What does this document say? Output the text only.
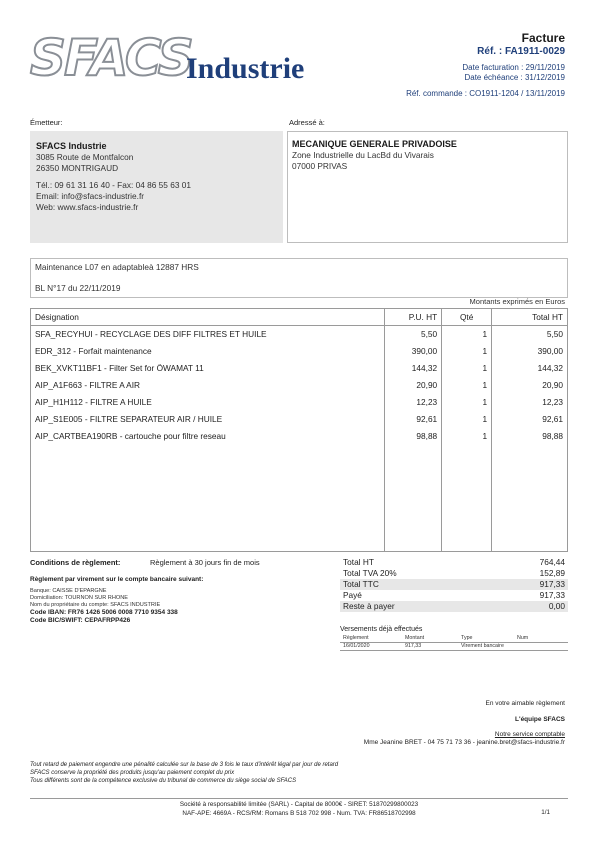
SFACS
Industrie
Facture
Réf. : FA1911-0029
Date facturation : 29/11/2019
Date échéance : 31/12/2019
Réf. commande : CO1911-1204 / 13/11/2019
Émetteur:	Adressé à:
SFACS Industrie
3085 Route de Montfalcon
26350 MONTRIGAUD
Tél.: 09 61 31 16 40 - Fax: 04 86 55 63 01
Email: info@sfacs-industrie.fr
Web: www.sfacs-industrie.fr
MECANIQUE GENERALE PRIVADOISE
Zone Industrielle du LacBd du Vivarais
07000 PRIVAS
Maintenance L07 en adaptableà 12887 HRS
BL N°17 du 22/11/2019
Montants exprimés en Euros
Désignation	P.U. HT	Qté	Total HT
SFA_RECYHUI - RECYCLAGE DES DIFF FILTRES ET HUILE	5,50	1	5,50
EDR_312 - Forfait maintenance	390,00	1	390,00
BEK_XVKT11BF1 - Filter Set for ÖWAMAT 11	144,32	1	144,32
AIP_A1F663 - FILTRE A AIR	20,90	1	20,90
AIP_H1H112 - FILTRE A HUILE	12,23	1	12,23
AIP_S1E005 - FILTRE SEPARATEUR AIR / HUILE	92,61	1	92,61
AIP_CARTBEA190RB - cartouche pour filtre reseau	98,88	1	98,88

Conditions de règlement:	Règlement à 30 jours fin de mois
Règlement par virement sur le compte bancaire suivant:
Banque: CAISSE D'EPARGNE
Domiciliation: TOURNON SUR RHONE
Nom du propriétaire du compte: SFACS INDUSTRIE
Code IBAN: FR76 1426 5006 0008 7710 9354 338
Code BIC/SWIFT: CEPAFRPP426
Total HT	764,44
Total TVA 20%	152,89
Total TTC	917,33
Payé	917,33
Reste à payer	0,00
Versements déjà effectués
Règlement	Montant	Type	Num
16/01/2020	917,33	Virement bancaire	
En votre aimable règlement
L'équipe SFACS
Notre service comptable
Mme Jeanine BRET - 04 75 71 73 36 - jeanine.bret@sfacs-industrie.fr
Tout retard de paiement engendre une pénalité calculée sur la base de 3 fois le taux d'intérêt légal par jour de retard
SFACS conserve la propriété des produits jusqu'au paiement complet du prix
Tous différents sont de la compétence exclusive du tribunal de commerce du siège social de SFACS
Société à responsabilité limitée (SARL) - Capital de 8000€ - SIRET: 51870299800023
NAF-APE: 4669A - RCS/RM: Romans B 518 702 998 - Num. TVA: FR86518702998	1/1
